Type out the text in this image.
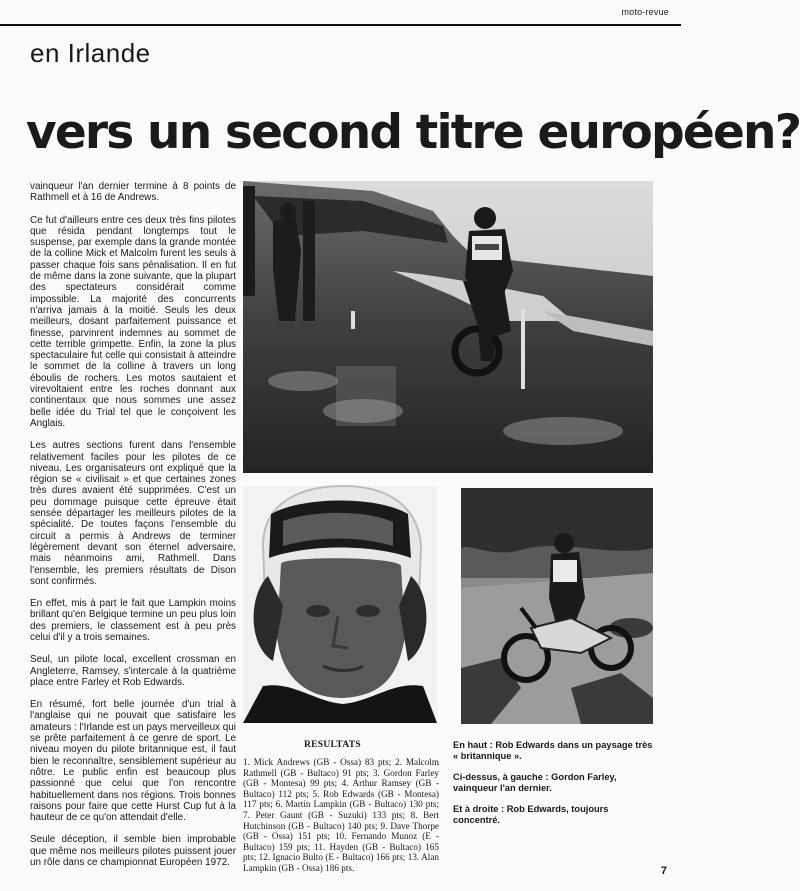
moto-revue
en Irlande
vers un second titre européen?

vainqueur l'an dernier termine à 8 points de Rathmell et à 16 de Andrews.

Ce fut d'ailleurs entre ces deux très fins pilotes que résida pendant longtemps tout le suspense, par exemple dans la grande montée de la colline Mick et Malcolm furent les seuls à passer chaque fois sans pénalisation. Il en fut de même dans la zone suivante, que la plupart des spectateurs considérait comme impossible. La majorité des concurrents n'arriva jamais à la moitié. Seuls les deux meilleurs, dosant parfaitement puissance et finesse, parvinrent indemnes au sommet de cette terrible grimpette. Enfin, la zone la plus spectaculaire fut celle qui consistait à atteindre le sommet de la colline à travers un long éboulis de rochers. Les motos sautaient et virevoltaient entre les roches donnant aux continentaux que nous sommes une assez belle idée du Trial tel que le conçoivent les Anglais.

Les autres sections furent dans l'ensemble relativement faciles pour les pilotes de ce niveau. Les organisateurs ont expliqué que la région se « civilisait » et que certaines zones très dures avaient été supprimées. C'est un peu dommage puisque cette épreuve était sensée départager les meilleurs pilotes de la spécialité. De toutes façons l'ensemble du circuit a permis à Andrews de terminer légèrement devant son éternel adversaire, mais néanmoins ami, Rathmell. Dans l'ensemble, les premiers résultats de Dison sont confirmés.

En effet, mis à part le fait que Lampkin moins brillant qu'en Belgique termine un peu plus loin des premiers, le classement est à peu près celui d'il y a trois semaines.

Seul, un pilote local, excellent crossman en Angleterre, Ramsey, s'intercale à la quatrième place entre Farley et Rob Edwards.

En résumé, fort belle journée d'un trial à l'anglaise qui ne pouvait que satisfaire les amateurs : l'Irlande est un pays merveilleux qui se prête parfaitement à ce genre de sport. Le niveau moyen du pilote britannique est, il faut bien le reconnaître, sensiblement supérieur au nôtre. Le public enfin est beaucoup plus passionné que celui que l'on rencontre habituellement dans nos régions. Trois bonnes raisons pour faire que cette Hurst Cup fut à la hauteur de ce qu'on attendait d'elle.

Seule déception, il semble bien improbable que même nos meilleurs pilotes puissent jouer un rôle dans ce championnat Européen 1972.

RESULTATS
1. Mick Andrews (GB - Ossa) 83 pts; 2. Malcolm Rathmell (GB - Bultaco) 91 pts; 3. Gordon Farley (GB - Montesa) 99 pts; 4. Arthur Ramsey (GB - Bultaco) 112 pts; 5. Rob Edwards (GB - Montesa) 117 pts; 6. Martin Lampkin (GB - Bultaco) 130 pts; 7. Peter Gaunt (GB - Suzuki) 133 pts; 8. Bert Hutchinson (GB - Bultaco) 140 pts; 9. Dave Thorpe (GB - Ossa) 151 pts; 10. Fernando Munoz (E - Bultaco) 159 pts; 11. Hayden (GB - Bultaco) 165 pts; 12. Ignacio Bulto (E - Bultaco) 166 pts; 13. Alan Lampkin (GB - Ossa) 186 pts.

En haut : Rob Edwards dans un paysage très « britannique ».

Ci-dessus, à gauche : Gordon Farley, vainqueur l'an dernier.

Et à droite : Rob Edwards, toujours concentré.

7
